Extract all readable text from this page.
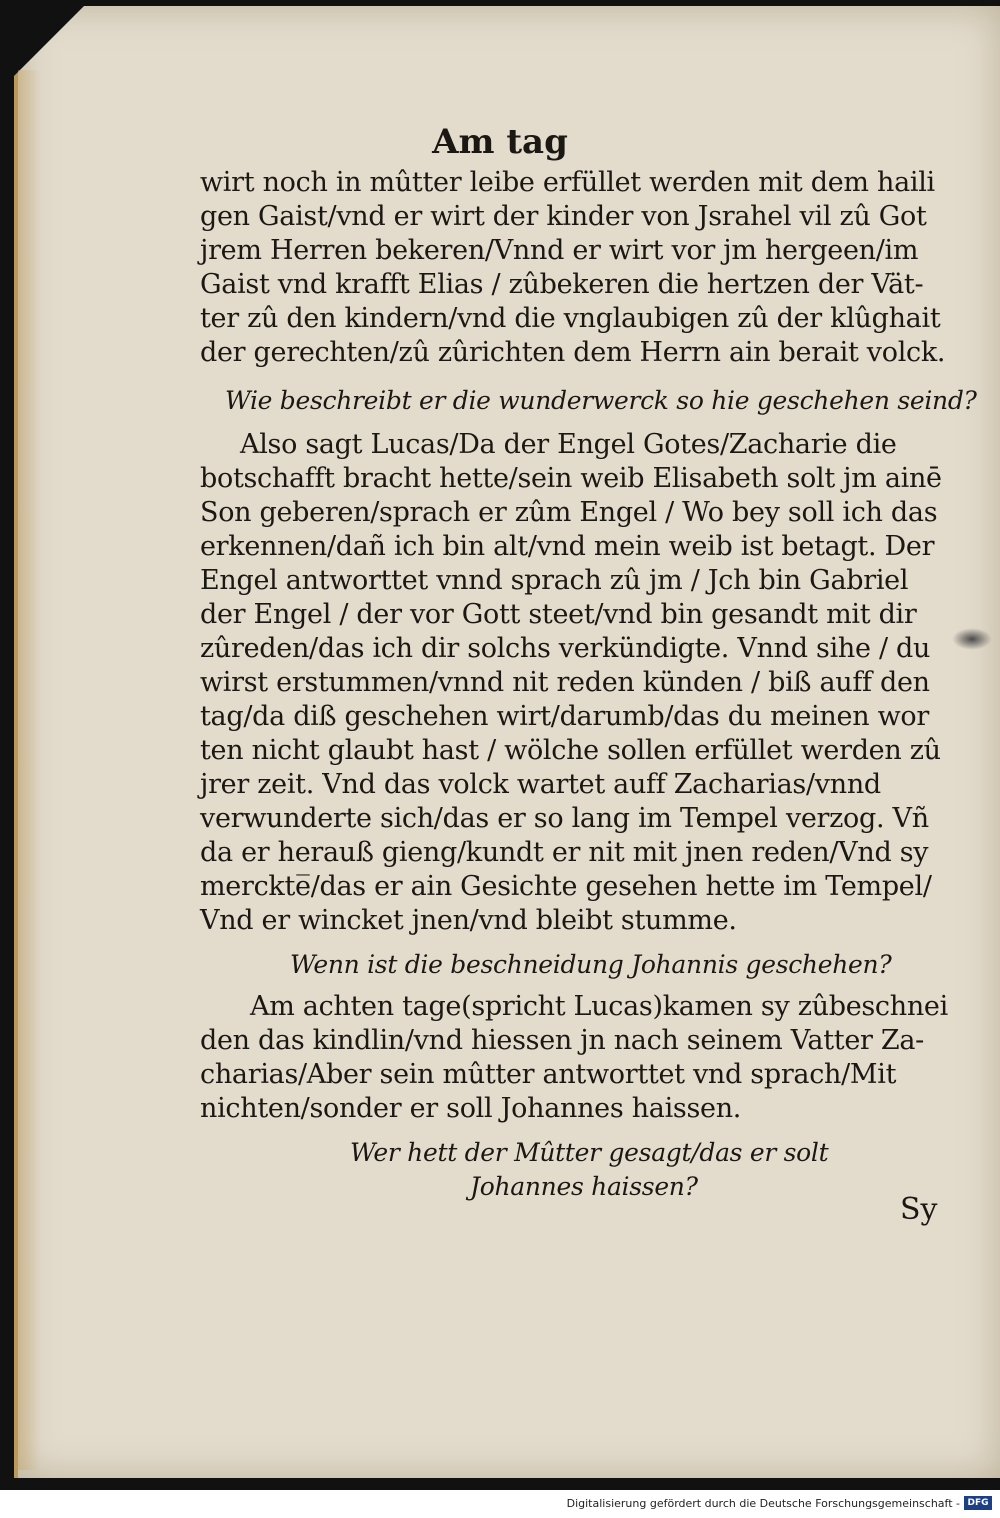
Am tag
wirt noch in mûtter leibe erfüllet werden mit dem haili
gen Gaist/vnd er wirt der kinder von Jsrahel vil zû Got
jrem Herren bekeren/Vnnd er wirt vor jm hergeen/im
Gaist vnd krafft Elias / zûbekeren die hertzen der Vät-
ter zû den kindern/vnd die vnglaubigen zû der klûghait
der gerechten/zû zûrichten dem Herrn ain berait volck.
Wie beschreibt er die wunderwerck so hie geschehen seind?
Also sagt Lucas/Da der Engel Gotes/Zacharie die
botschafft bracht hette/sein weib Elisabeth solt jm ainē
Son geberen/sprach er zûm Engel / Wo bey soll ich das
erkennen/dañ ich bin alt/vnd mein weib ist betagt. Der
Engel antworttet vnnd sprach zû jm / Jch bin Gabriel
der Engel / der vor Gott steet/vnd bin gesandt mit dir
zûreden/das ich dir solchs verkündigte. Vnnd sihe / du
wirst erstummen/vnnd nit reden künden / biß auff den
tag/da diß geschehen wirt/darumb/das du meinen wor
ten nicht glaubt hast / wölche sollen erfüllet werden zû
jrer zeit. Vnd das volck wartet auff Zacharias/vnnd
verwunderte sich/das er so lang im Tempel verzog. Vñ
da er herauß gieng/kundt er nit mit jnen reden/Vnd sy
merckte̅/das er ain Gesichte gesehen hette im Tempel/
Vnd er wincket jnen/vnd bleibt stumme.
Wenn ist die beschneidung Johannis geschehen?
Am achten tage(spricht Lucas)kamen sy zûbeschnei
den das kindlin/vnd hiessen jn nach seinem Vatter Za-
charias/Aber sein mûtter antworttet vnd sprach/Mit
nichten/sonder er soll Johannes haissen.
Wer hett der Mûtter gesagt/das er solt
Johannes haissen?
Sy
Digitalisierung gefördert durch die Deutsche Forschungsgemeinschaft - DFG
